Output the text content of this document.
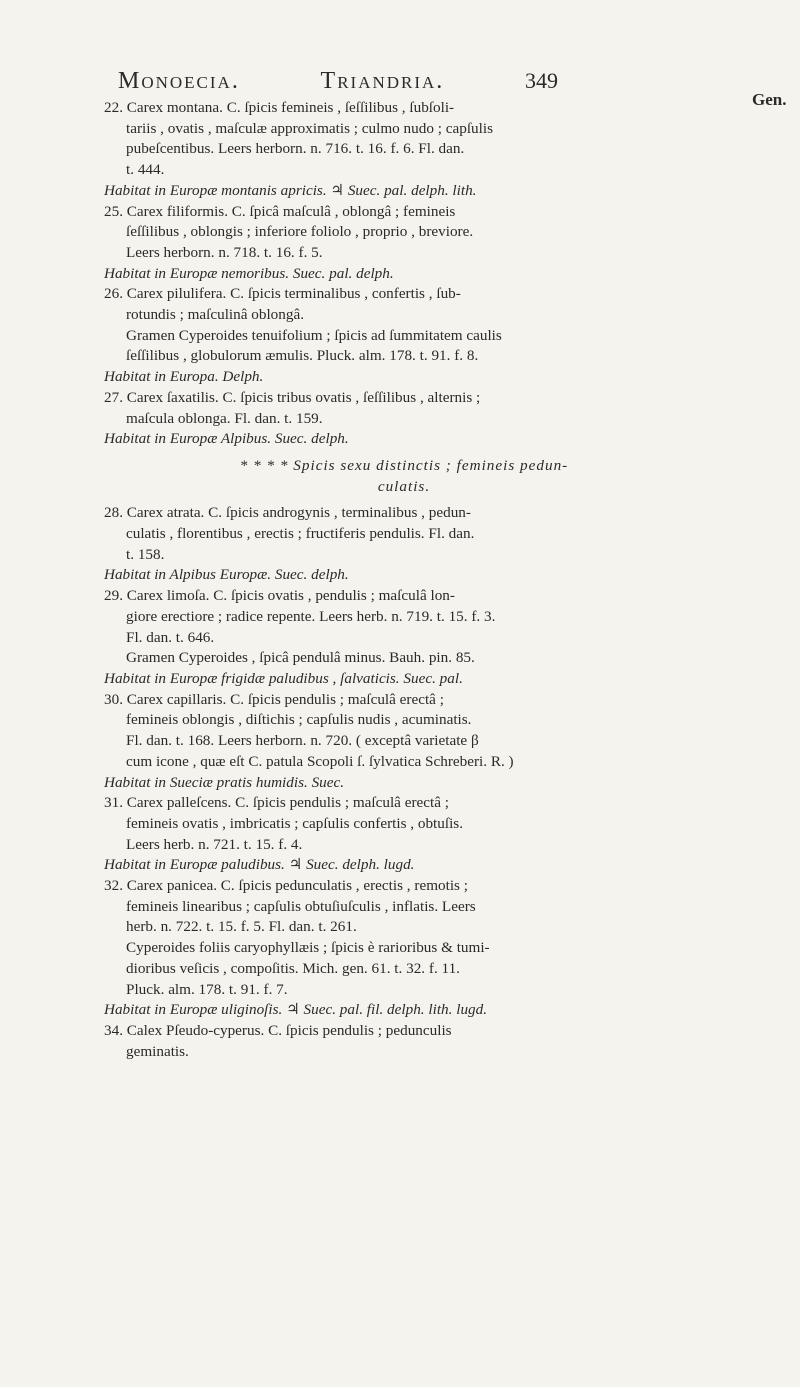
Monoecia.	Triandria.	349
Gen.
22. Carex montana. C. ſpicis femineis , ſeſſilibus , ſubſoli-
tariis , ovatis , maſculæ approximatis ; culmo nudo ; capſulis
pubeſcentibus. Leers herborn. n. 716. t. 16. f. 6. Fl. dan.
t. 444.
Habitat in Europæ montanis apricis. ♃ Suec. pal. delph. lith.
25. Carex filiformis. C. ſpicâ maſculâ , oblongâ ; femineis
ſeſſilibus , oblongis ; inferiore foliolo , proprio , breviore.
Leers herborn. n. 718. t. 16. f. 5.
Habitat in Europæ nemoribus. Suec. pal. delph.
26. Carex pilulifera. C. ſpicis terminalibus , confertis , ſub-
rotundis ; maſculinâ oblongâ.
Gramen Cyperoides tenuifolium ; ſpicis ad ſummitatem caulis
ſeſſilibus , globulorum æmulis. Pluck. alm. 178. t. 91. f. 8.
Habitat in Europa. Delph.
27. Carex ſaxatilis. C. ſpicis tribus ovatis , ſeſſilibus , alternis ;
maſcula oblonga. Fl. dan. t. 159.
Habitat in Europæ Alpibus. Suec. delph.
* * * * Spicis sexu distinctis ; femineis pedun-
culatis.
28. Carex atrata. C. ſpicis androgynis , terminalibus , pedun-
culatis , florentibus , erectis ; fructiferis pendulis. Fl. dan.
t. 158.
Habitat in Alpibus Europæ. Suec. delph.
29. Carex limoſa. C. ſpicis ovatis , pendulis ; maſculâ lon-
giore erectiore ; radice repente. Leers herb. n. 719. t. 15. f. 3.
Fl. dan. t. 646.
Gramen Cyperoides , ſpicâ pendulâ minus. Bauh. pin. 85.
Habitat in Europæ frigidæ paludibus , ſalvaticis. Suec. pal.
30. Carex capillaris. C. ſpicis pendulis ; maſculâ erectâ ;
femineis oblongis , diſtichis ; capſulis nudis , acuminatis.
Fl. dan. t. 168. Leers herborn. n. 720. ( exceptâ varietate β
cum icone , quæ eſt C. patula Scopoli ſ. ſylvatica Schreberi. R. )
Habitat in Sueciæ pratis humidis. Suec.
31. Carex palleſcens. C. ſpicis pendulis ; maſculâ erectâ ;
femineis ovatis , imbricatis ; capſulis confertis , obtuſis.
Leers herb. n. 721. t. 15. f. 4.
Habitat in Europæ paludibus. ♃ Suec. delph. lugd.
32. Carex panicea. C. ſpicis pedunculatis , erectis , remotis ;
femineis linearibus ; capſulis obtuſiuſculis , inflatis. Leers
herb. n. 722. t. 15. f. 5. Fl. dan. t. 261.
Cyperoides foliis caryophyllæis ; ſpicis è rarioribus & tumi-
dioribus veſicis , compoſitis. Mich. gen. 61. t. 32. f. 11.
Pluck. alm. 178. t. 91. f. 7.
Habitat in Europæ uliginoſis. ♃ Suec. pal. fil. delph. lith. lugd.
34. Calex Pſeudo-cyperus. C. ſpicis pendulis ; pedunculis
geminatis.
